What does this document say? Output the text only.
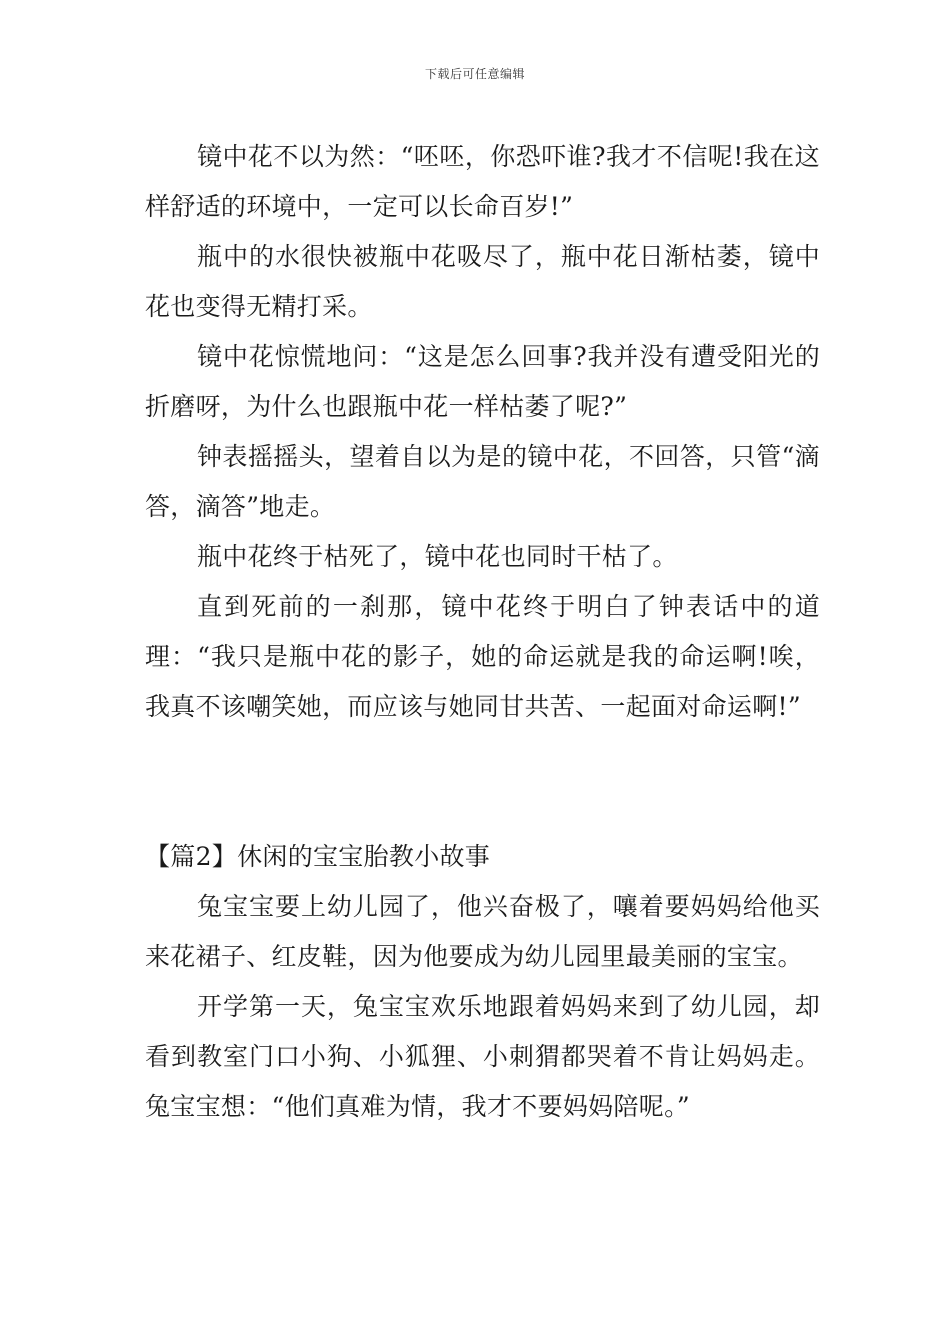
下载后可任意编辑

镜中花不以为然：“呸呸，你恐吓谁?我才不信呢!我在这样舒适的环境中，一定可以长命百岁!”

瓶中的水很快被瓶中花吸尽了，瓶中花日渐枯萎，镜中花也变得无精打采。

镜中花惊慌地问：“这是怎么回事?我并没有遭受阳光的折磨呀，为什么也跟瓶中花一样枯萎了呢?”

钟表摇摇头，望着自以为是的镜中花，不回答，只管“滴答，滴答”地走。

瓶中花终于枯死了，镜中花也同时干枯了。

直到死前的一刹那，镜中花终于明白了钟表话中的道理：“我只是瓶中花的影子，她的命运就是我的命运啊!唉，我真不该嘲笑她，而应该与她同甘共苦、一起面对命运啊!”

【篇2】休闲的宝宝胎教小故事

兔宝宝要上幼儿园了，他兴奋极了，嚷着要妈妈给他买来花裙子、红皮鞋，因为他要成为幼儿园里最美丽的宝宝。

开学第一天，兔宝宝欢乐地跟着妈妈来到了幼儿园，却看到教室门口小狗、小狐狸、小刺猬都哭着不肯让妈妈走。兔宝宝想：“他们真难为情，我才不要妈妈陪呢。”
